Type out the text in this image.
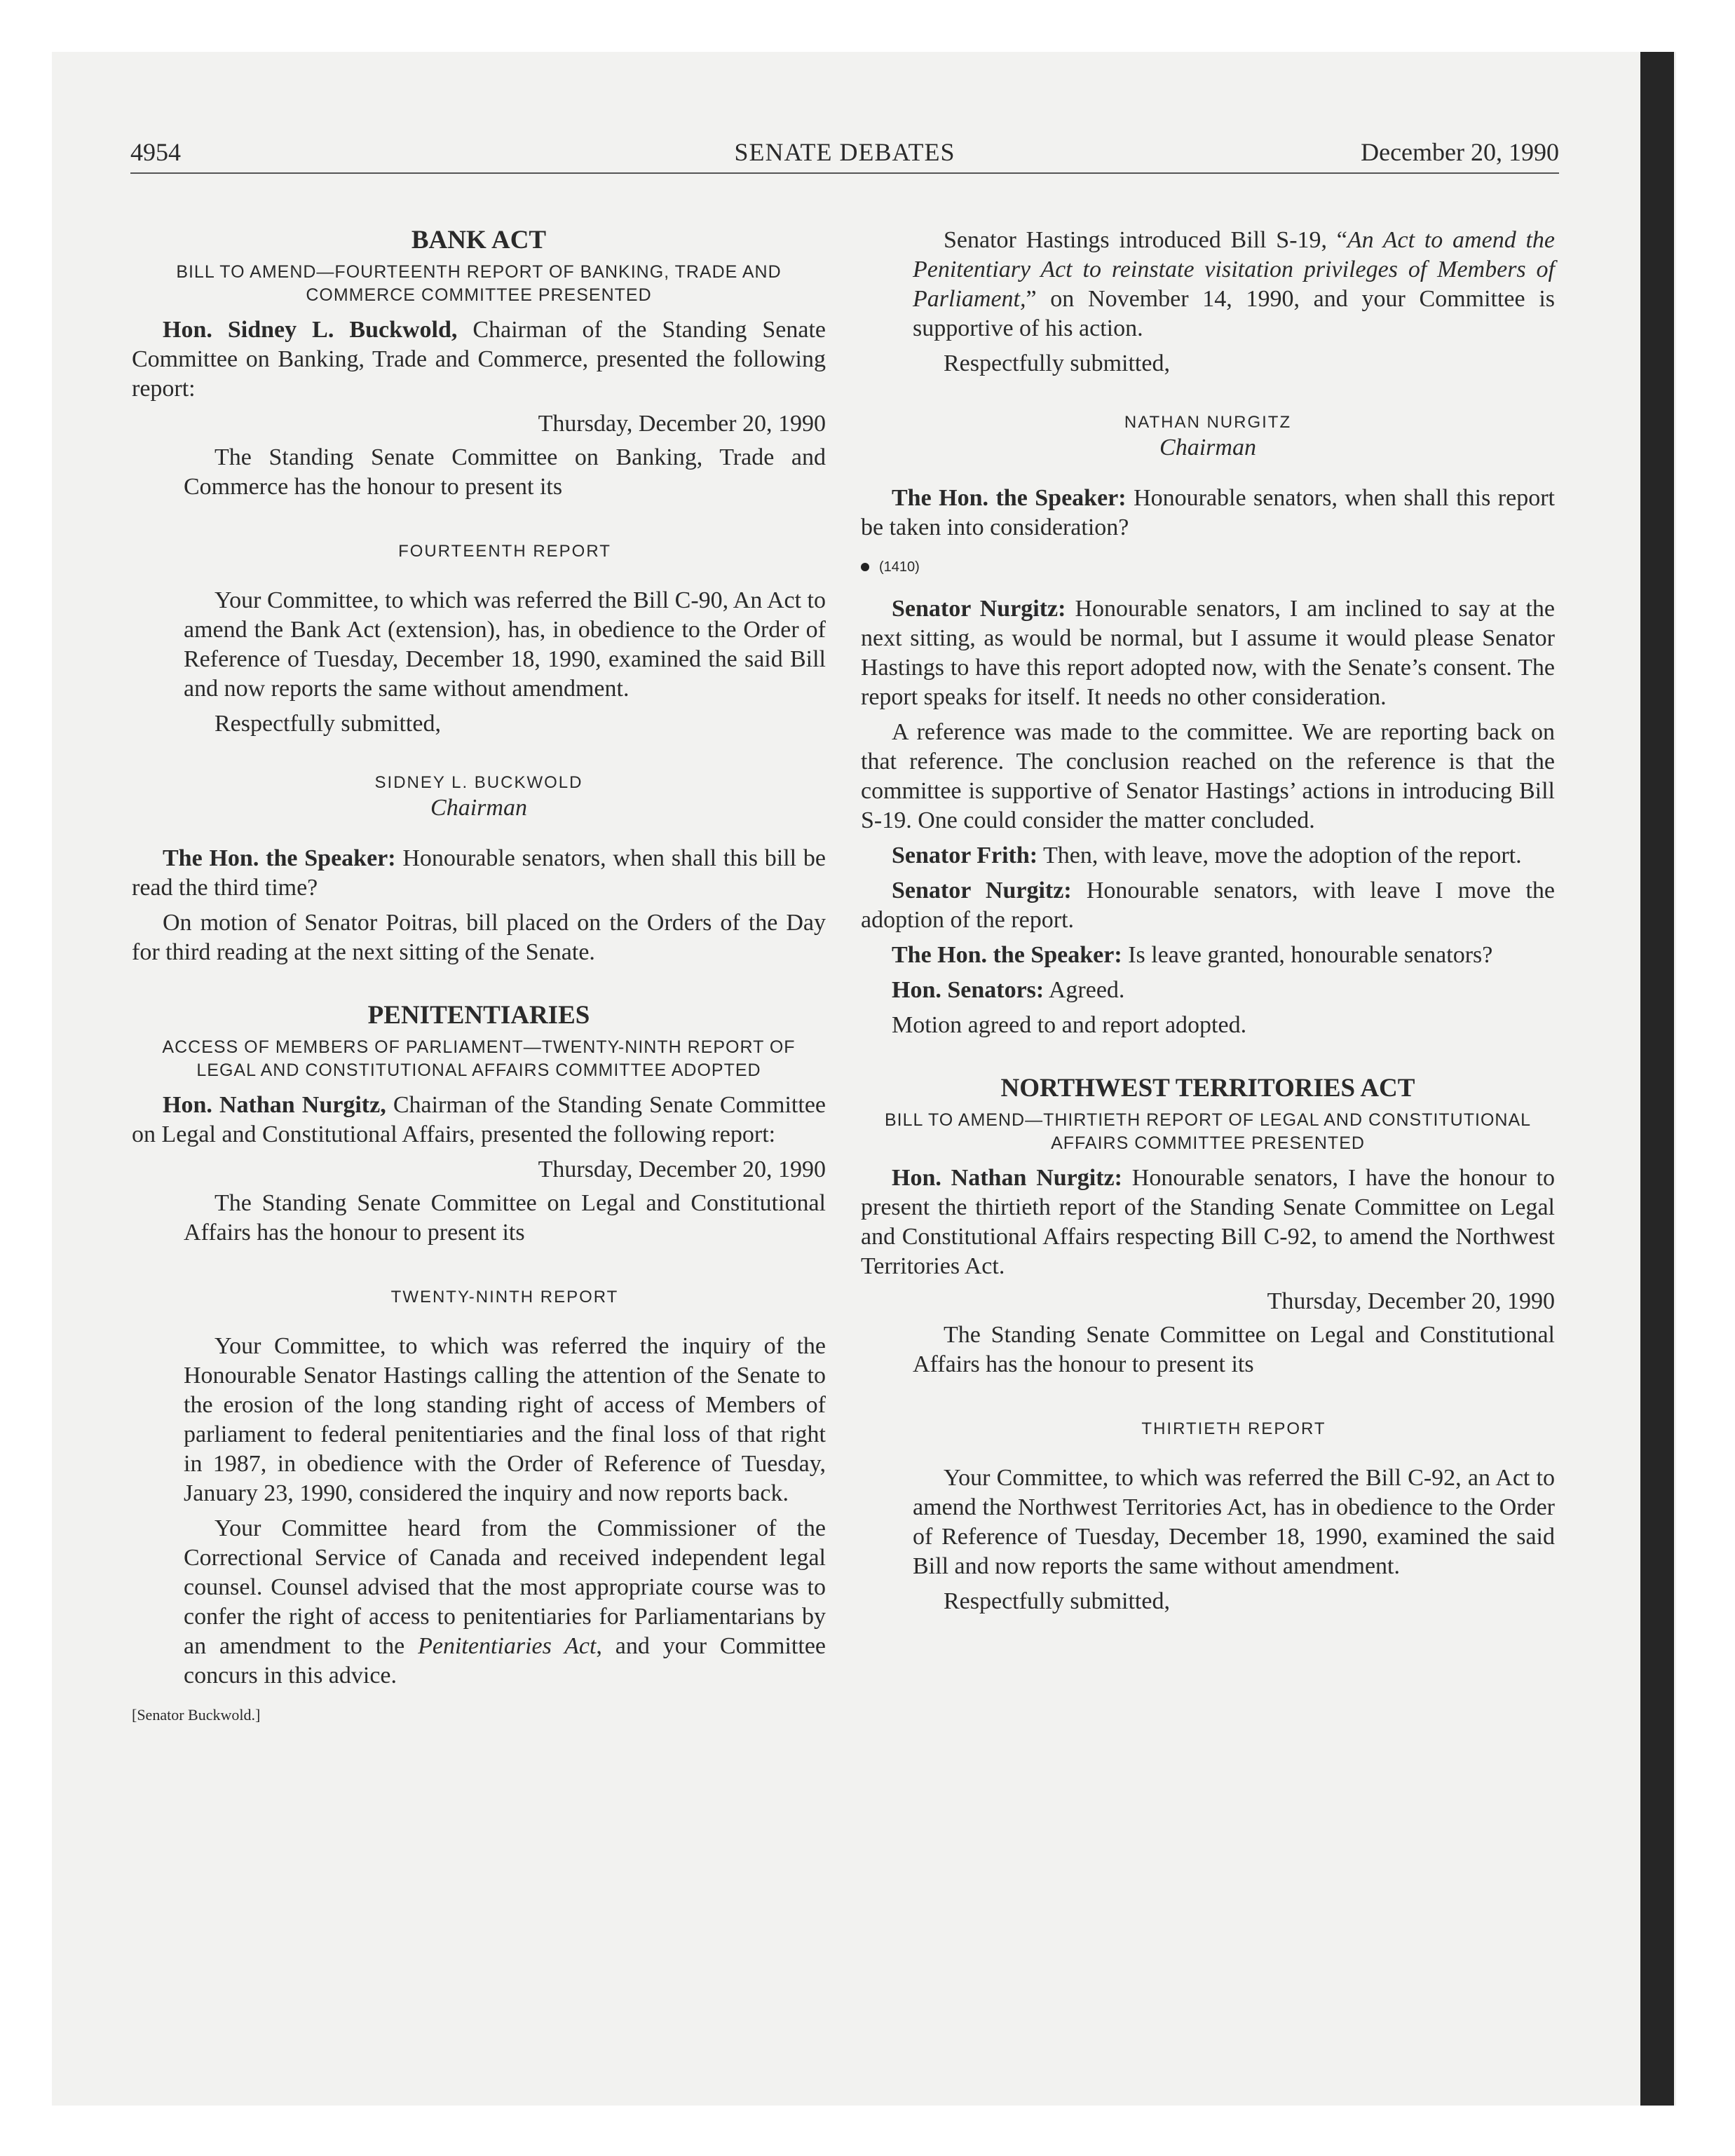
4954	SENATE DEBATES	December 20, 1990
BANK ACT
BILL TO AMEND—FOURTEENTH REPORT OF BANKING, TRADE AND COMMERCE COMMITTEE PRESENTED

Hon. Sidney L. Buckwold, Chairman of the Standing Senate Committee on Banking, Trade and Commerce, presented the following report:

Thursday, December 20, 1990

The Standing Senate Committee on Banking, Trade and Commerce has the honour to present its

FOURTEENTH REPORT

Your Committee, to which was referred the Bill C-90, An Act to amend the Bank Act (extension), has, in obedience to the Order of Reference of Tuesday, December 18, 1990, examined the said Bill and now reports the same without amendment.

Respectfully submitted,

SIDNEY L. BUCKWOLD
Chairman

The Hon. the Speaker: Honourable senators, when shall this bill be read the third time?

On motion of Senator Poitras, bill placed on the Orders of the Day for third reading at the next sitting of the Senate.

PENITENTIARIES
ACCESS OF MEMBERS OF PARLIAMENT—TWENTY-NINTH REPORT OF LEGAL AND CONSTITUTIONAL AFFAIRS COMMITTEE ADOPTED

Hon. Nathan Nurgitz, Chairman of the Standing Senate Committee on Legal and Constitutional Affairs, presented the following report:

Thursday, December 20, 1990

The Standing Senate Committee on Legal and Constitutional Affairs has the honour to present its

TWENTY-NINTH REPORT

Your Committee, to which was referred the inquiry of the Honourable Senator Hastings calling the attention of the Senate to the erosion of the long standing right of access of Members of parliament to federal penitentiaries and the final loss of that right in 1987, in obedience with the Order of Reference of Tuesday, January 23, 1990, considered the inquiry and now reports back.

Your Committee heard from the Commissioner of the Correctional Service of Canada and received independent legal counsel. Counsel advised that the most appropriate course was to confer the right of access to penitentiaries for Parliamentarians by an amendment to the Penitentiaries Act, and your Committee concurs in this advice.

[Senator Buckwold.]

Senator Hastings introduced Bill S-19, “An Act to amend the Penitentiary Act to reinstate visitation privileges of Members of Parliament,” on November 14, 1990, and your Committee is supportive of his action.

Respectfully submitted,

NATHAN NURGITZ
Chairman

The Hon. the Speaker: Honourable senators, when shall this report be taken into consideration?

(1410)

Senator Nurgitz: Honourable senators, I am inclined to say at the next sitting, as would be normal, but I assume it would please Senator Hastings to have this report adopted now, with the Senate’s consent. The report speaks for itself. It needs no other consideration.

A reference was made to the committee. We are reporting back on that reference. The conclusion reached on the reference is that the committee is supportive of Senator Hastings’ actions in introducing Bill S-19. One could consider the matter concluded.

Senator Frith: Then, with leave, move the adoption of the report.

Senator Nurgitz: Honourable senators, with leave I move the adoption of the report.

The Hon. the Speaker: Is leave granted, honourable senators?

Hon. Senators: Agreed.

Motion agreed to and report adopted.

NORTHWEST TERRITORIES ACT
BILL TO AMEND—THIRTIETH REPORT OF LEGAL AND CONSTITUTIONAL AFFAIRS COMMITTEE PRESENTED

Hon. Nathan Nurgitz: Honourable senators, I have the honour to present the thirtieth report of the Standing Senate Committee on Legal and Constitutional Affairs respecting Bill C-92, to amend the Northwest Territories Act.

Thursday, December 20, 1990

The Standing Senate Committee on Legal and Constitutional Affairs has the honour to present its

THIRTIETH REPORT

Your Committee, to which was referred the Bill C-92, an Act to amend the Northwest Territories Act, has in obedience to the Order of Reference of Tuesday, December 18, 1990, examined the said Bill and now reports the same without amendment.

Respectfully submitted,
